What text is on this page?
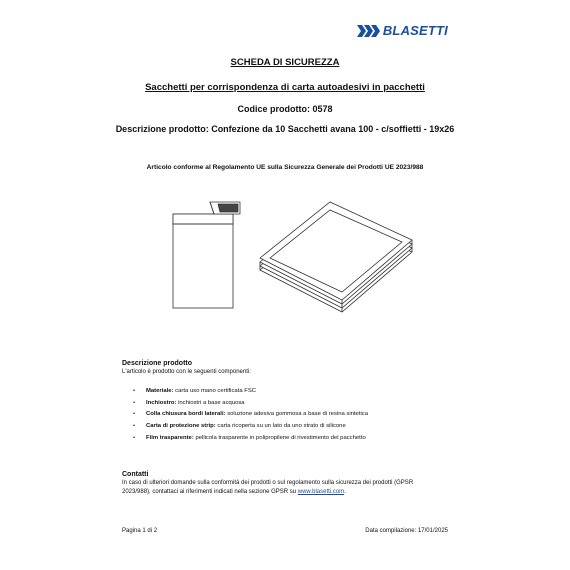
BLASETTI
SCHEDA DI SICUREZZA
Sacchetti per corrispondenza di carta autoadesivi in pacchetti
Codice prodotto: 0578
Descrizione prodotto: Confezione da 10 Sacchetti avana 100 - c/soffietti - 19x26
Articolo conforme al Regolamento UE sulla Sicurezza Generale dei Prodotti UE 2023/988
Descrizione prodotto
L'articolo è prodotto con le seguenti componenti:
• Materiale: carta uso mano certificata FSC
• Inchiostro: inchiostri a base acquosa
• Colla chiusura bordi laterali: soluzione adesiva gommosa a base di resina sintetica
• Carta di protezione strip: carta ricoperta su un lato da uno strato di silicone
• Film trasparente: pellicola trasparente in polipropilene di rivestimento del pacchetto
Contatti
In caso di ulteriori domande sulla conformità dei prodotti o sul regolamento sulla sicurezza dei prodotti (GPSR
2023/988), contattaci ai riferimenti indicati nella sezione GPSR su www.blasetti.com.
Pagina 1 di 2	Data compilazione: 17/01/2025
